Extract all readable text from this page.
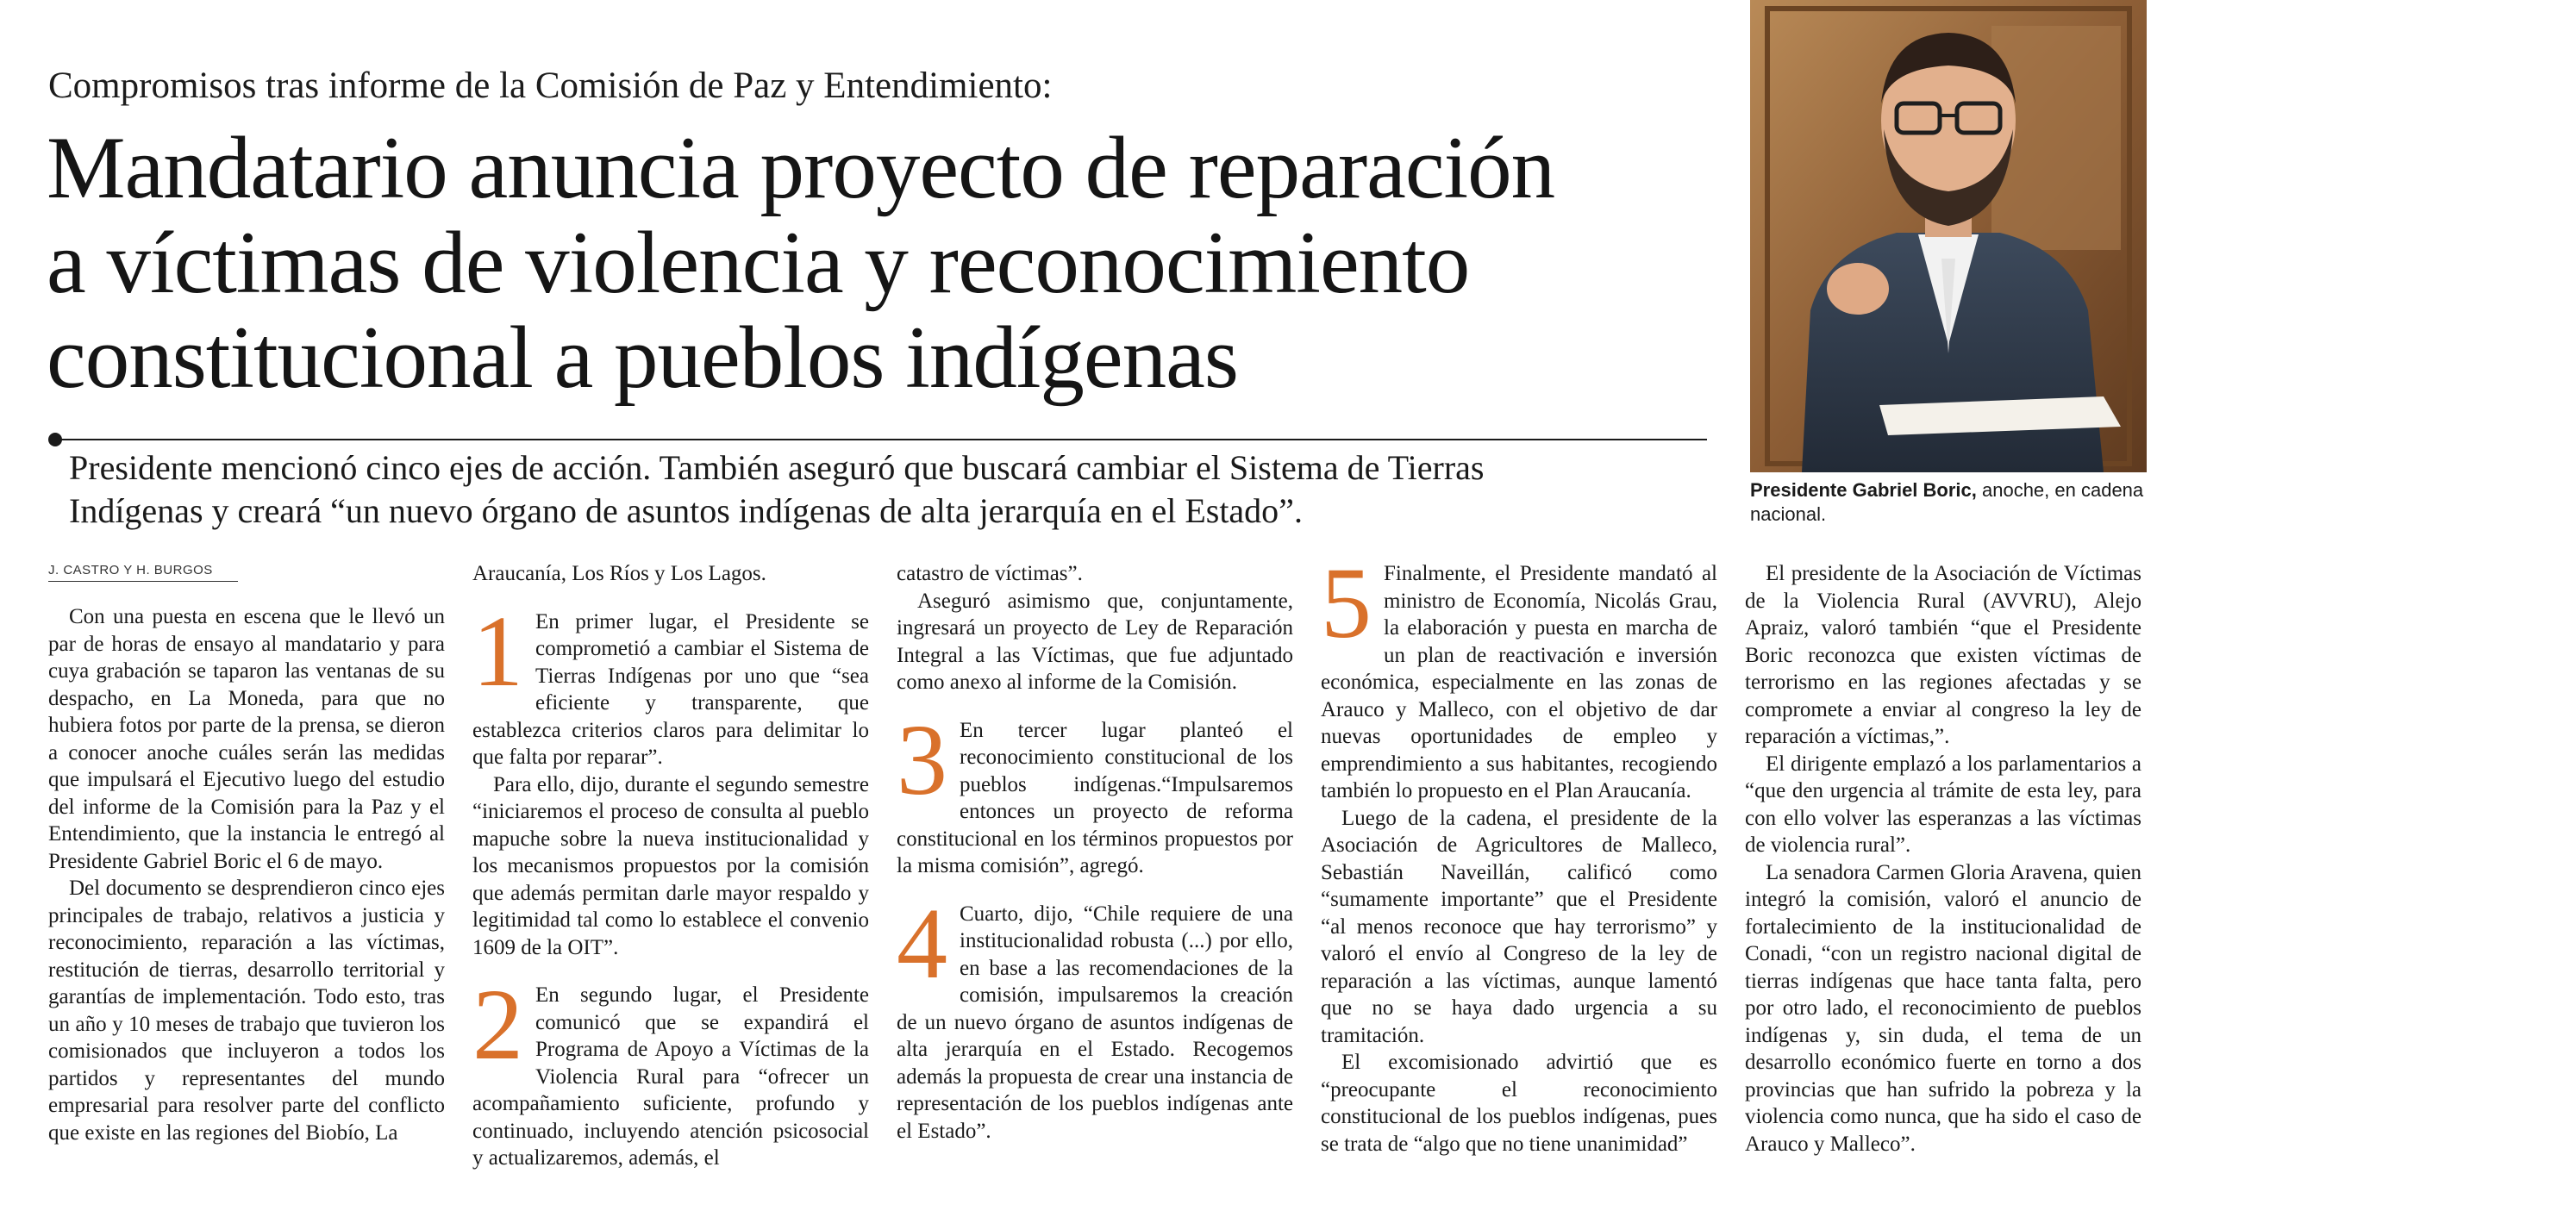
Compromisos tras informe de la Comisión de Paz y Entendimiento:
Mandatario anuncia proyecto de reparación
a víctimas de violencia y reconocimiento
constitucional a pueblos indígenas
Presidente mencionó cinco ejes de acción. También aseguró que buscará cambiar el Sistema de Tierras
Indígenas y creará “un nuevo órgano de asuntos indígenas de alta jerarquía en el Estado”.
Presidente Gabriel Boric, anoche, en cadena nacional.
J. CASTRO Y H. BURGOS

Con una puesta en escena que le llevó un par de horas de ensayo al mandatario y para cuya grabación se taparon las ventanas de su despacho, en La Moneda, para que no hubiera fotos por parte de la prensa, se dieron a conocer anoche cuáles serán las medidas que impulsará el Ejecutivo luego del estudio del informe de la Comisión para la Paz y el Entendimiento, que la instancia le entregó al Presidente Gabriel Boric el 6 de mayo.

Del documento se desprendieron cinco ejes principales de trabajo, relativos a justicia y reconocimiento, reparación a las víctimas, restitución de tierras, desarrollo territorial y garantías de implementación. Todo esto, tras un año y 10 meses de trabajo que tuvieron los comisionados que incluyeron a todos los partidos y representantes del mundo empresarial para resolver parte del conflicto que existe en las regiones del Biobío, La

Araucanía, Los Ríos y Los Lagos.

1 En primer lugar, el Presidente se comprometió a cambiar el Sistema de Tierras Indígenas por uno que “sea eficiente y transparente, que establezca criterios claros para delimitar lo que falta por reparar”.

Para ello, dijo, durante el segundo semestre “iniciaremos el proceso de consulta al pueblo mapuche sobre la nueva institucionalidad y los mecanismos propuestos por la comisión que además permitan darle mayor respaldo y legitimidad tal como lo establece el convenio 1609 de la OIT”.

2 En segundo lugar, el Presidente comunicó que se expandirá el Programa de Apoyo a Víctimas de la Violencia Rural para “ofrecer un acompañamiento suficiente, profundo y continuado, incluyendo atención psicosocial y actualizaremos, además, el

catastro de víctimas”.

Aseguró asimismo que, conjuntamente, ingresará un proyecto de Ley de Reparación Integral a las Víctimas, que fue adjuntado como anexo al informe de la Comisión.

3 En tercer lugar planteó el reconocimiento constitucional de los pueblos indígenas.“Impulsaremos entonces un proyecto de reforma constitucional en los términos propuestos por la misma comisión”, agregó.

4 Cuarto, dijo, “Chile requiere de una institucionalidad robusta (...) por ello, en base a las recomendaciones de la comisión, impulsaremos la creación de un nuevo órgano de asuntos indígenas de alta jerarquía en el Estado. Recogemos además la propuesta de crear una instancia de representación de los pueblos indígenas ante el Estado”.

5 Finalmente, el Presidente mandató al ministro de Economía, Nicolás Grau, la elaboración y puesta en marcha de un plan de reactivación e inversión económica, especialmente en las zonas de Arauco y Malleco, con el objetivo de dar nuevas oportunidades de empleo y emprendimiento a sus habitantes, recogiendo también lo propuesto en el Plan Araucanía.

Luego de la cadena, el presidente de la Asociación de Agricultores de Malleco, Sebastián Naveillán, calificó como “sumamente importante” que el Presidente “al menos reconoce que hay terrorismo” y valoró el envío al Congreso de la ley de reparación a las víctimas, aunque lamentó que no se haya dado urgencia a su tramitación.

El excomisionado advirtió que es “preocupante el reconocimiento constitucional de los pueblos indígenas, pues se trata de “algo que no tiene unanimidad”

El presidente de la Asociación de Víctimas de la Violencia Rural (AVVRU), Alejo Apraiz, valoró también “que el Presidente Boric reconozca que existen víctimas de terrorismo en las regiones afectadas y se compromete a enviar al congreso la ley de reparación a víctimas,”.

El dirigente emplazó a los parlamentarios a “que den urgencia al trámite de esta ley, para con ello volver las esperanzas a las víctimas de violencia rural”.

La senadora Carmen Gloria Aravena, quien integró la comisión, valoró el anuncio de fortalecimiento de la institucionalidad de Conadi, “con un registro nacional digital de tierras indígenas que hace tanta falta, pero por otro lado, el reconocimiento de pueblos indígenas y, sin duda, el tema de un desarrollo económico fuerte en torno a dos provincias que han sufrido la pobreza y la violencia como nunca, que ha sido el caso de Arauco y Malleco”.
